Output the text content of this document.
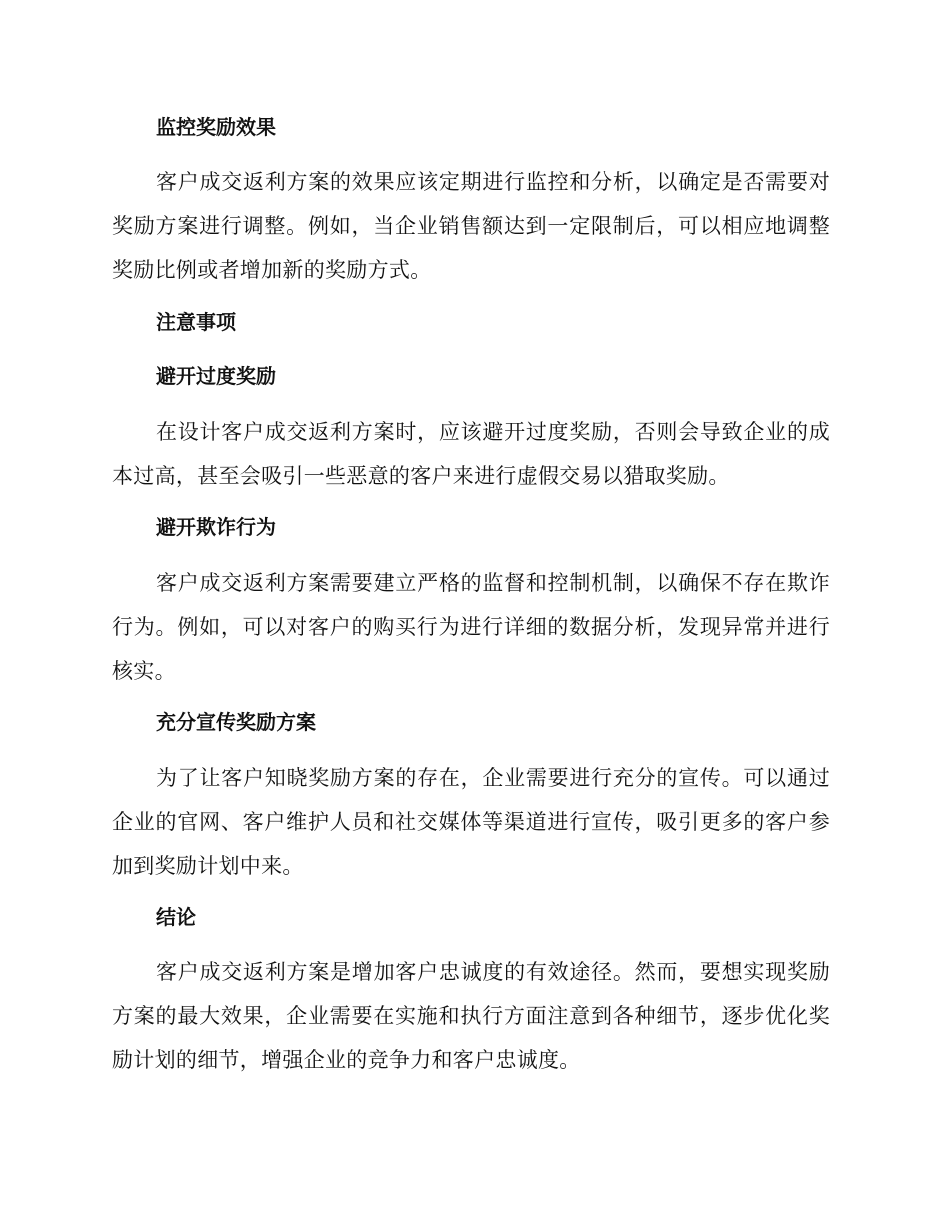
监控奖励效果

客户成交返利方案的效果应该定期进行监控和分析，以确定是否需要对奖励方案进行调整。例如，当企业销售额达到一定限制后，可以相应地调整奖励比例或者增加新的奖励方式。

注意事项
避开过度奖励

在设计客户成交返利方案时，应该避开过度奖励，否则会导致企业的成本过高，甚至会吸引一些恶意的客户来进行虚假交易以猎取奖励。

避开欺诈行为

客户成交返利方案需要建立严格的监督和控制机制，以确保不存在欺诈行为。例如，可以对客户的购买行为进行详细的数据分析，发现异常并进行核实。

充分宣传奖励方案

为了让客户知晓奖励方案的存在，企业需要进行充分的宣传。可以通过企业的官网、客户维护人员和社交媒体等渠道进行宣传，吸引更多的客户参加到奖励计划中来。

结论

客户成交返利方案是增加客户忠诚度的有效途径。然而，要想实现奖励方案的最大效果，企业需要在实施和执行方面注意到各种细节，逐步优化奖励计划的细节，增强企业的竞争力和客户忠诚度。
